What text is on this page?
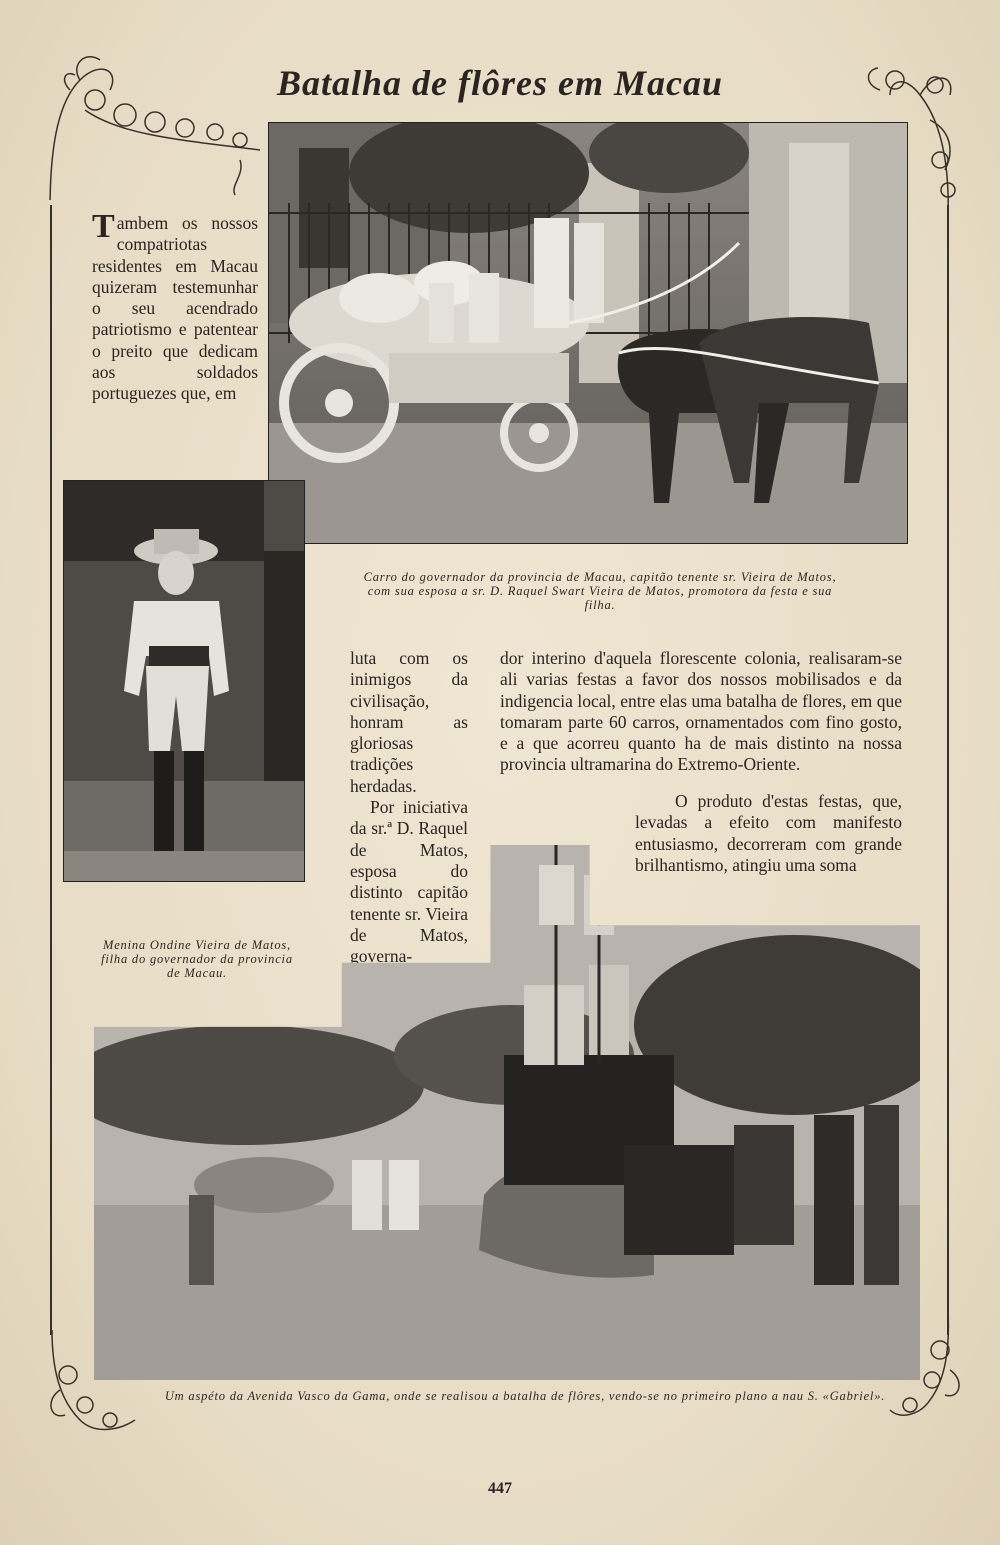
Batalha de flôres em Macau

Tambem os nossos compatriotas residentes em Macau quizeram testemunhar o seu acendrado patriotismo e patentear o preito que dedicam aos soldados portuguezes que, em

Carro do governador da provincia de Macau, capitão tenente sr. Vieira de Matos, com sua esposa a sr. D. Raquel Swart Vieira de Matos, promotora da festa e sua filha.

luta com os inimigos da civilisação, honram as gloriosas tradições herdadas.

Por iniciativa da sr.ª D. Raquel de Matos, esposa do distinto capitão tenente sr. Vieira de Matos, governa-

dor interino d'aquela florescente colonia, realisaram-se ali varias festas a favor dos nossos mobilisados e da indigencia local, entre elas uma batalha de flores, em que tomaram parte 60 carros, ornamentados com fino gosto, e a que acorreu quanto ha de mais distinto na nossa provincia ultramarina do Extremo-Oriente.

O produto d'estas festas, que, levadas a efeito com manifesto entusiasmo, decorreram com grande brilhantismo, atingiu uma soma

Menina Ondine Vieira de Matos, filha do governador da provincia de Macau.
Um aspéto da Avenida Vasco da Gama, onde se realisou a batalha de flôres, vendo-se no primeiro plano a nau S. «Gabriel».
447
